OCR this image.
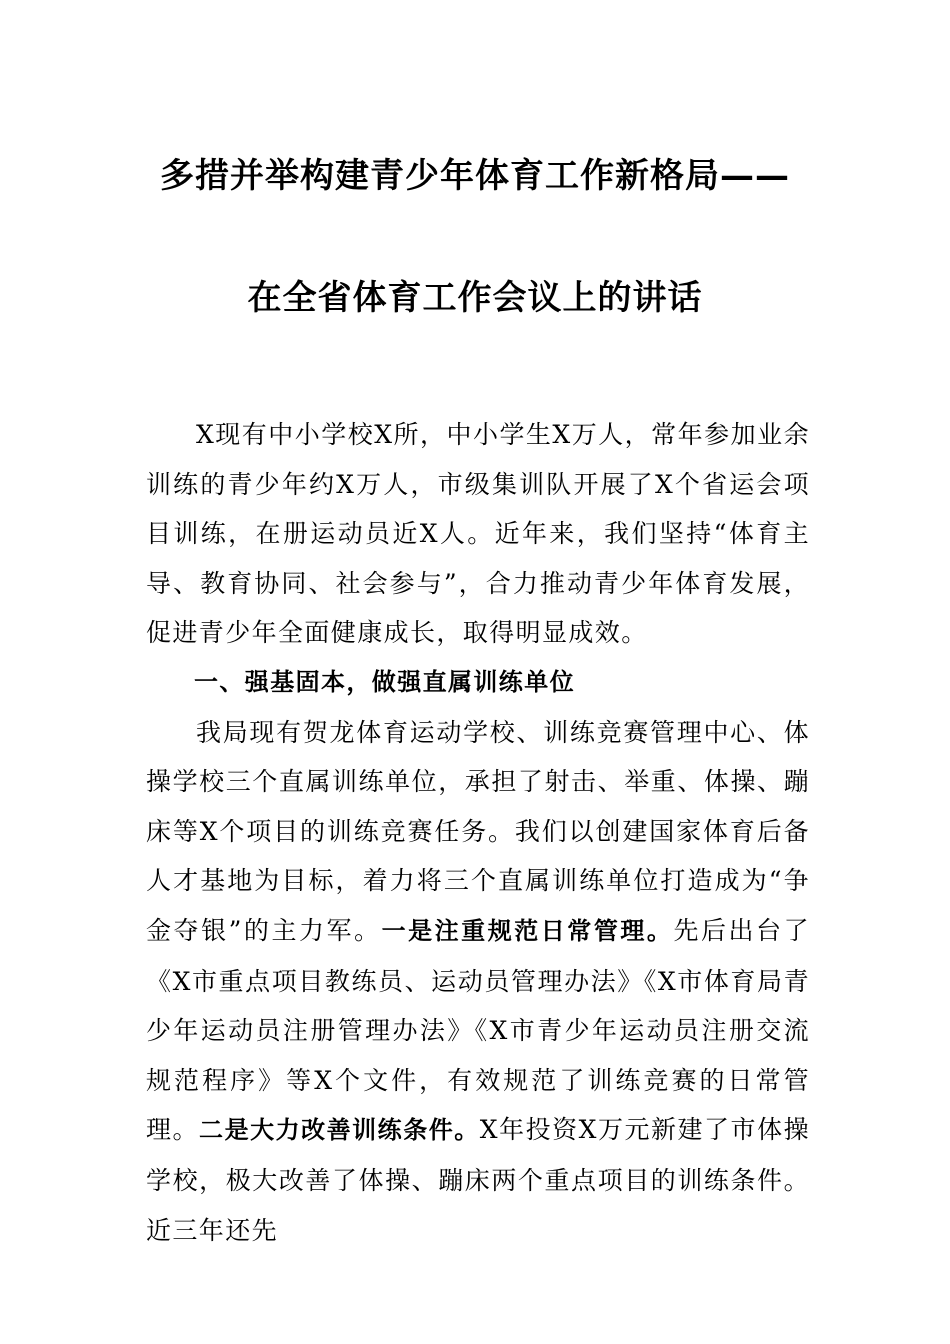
多措并举构建青少年体育工作新格局——
在全省体育工作会议上的讲话

X现有中小学校X所，中小学生X万人，常年参加业余训练的青少年约X万人，市级集训队开展了X个省运会项目训练，在册运动员近X人。近年来，我们坚持“体育主导、教育协同、社会参与”，合力推动青少年体育发展，促进青少年全面健康成长，取得明显成效。

一、强基固本，做强直属训练单位

我局现有贺龙体育运动学校、训练竞赛管理中心、体操学校三个直属训练单位，承担了射击、举重、体操、蹦床等X个项目的训练竞赛任务。我们以创建国家体育后备人才基地为目标，着力将三个直属训练单位打造成为“争金夺银”的主力军。一是注重规范日常管理。先后出台了《X市重点项目教练员、运动员管理办法》《X市体育局青少年运动员注册管理办法》《X市青少年运动员注册交流规范程序》等X个文件，有效规范了训练竞赛的日常管理。二是大力改善训练条件。X年投资X万元新建了市体操学校，极大改善了体操、蹦床两个重点项目的训练条件。近三年还先
